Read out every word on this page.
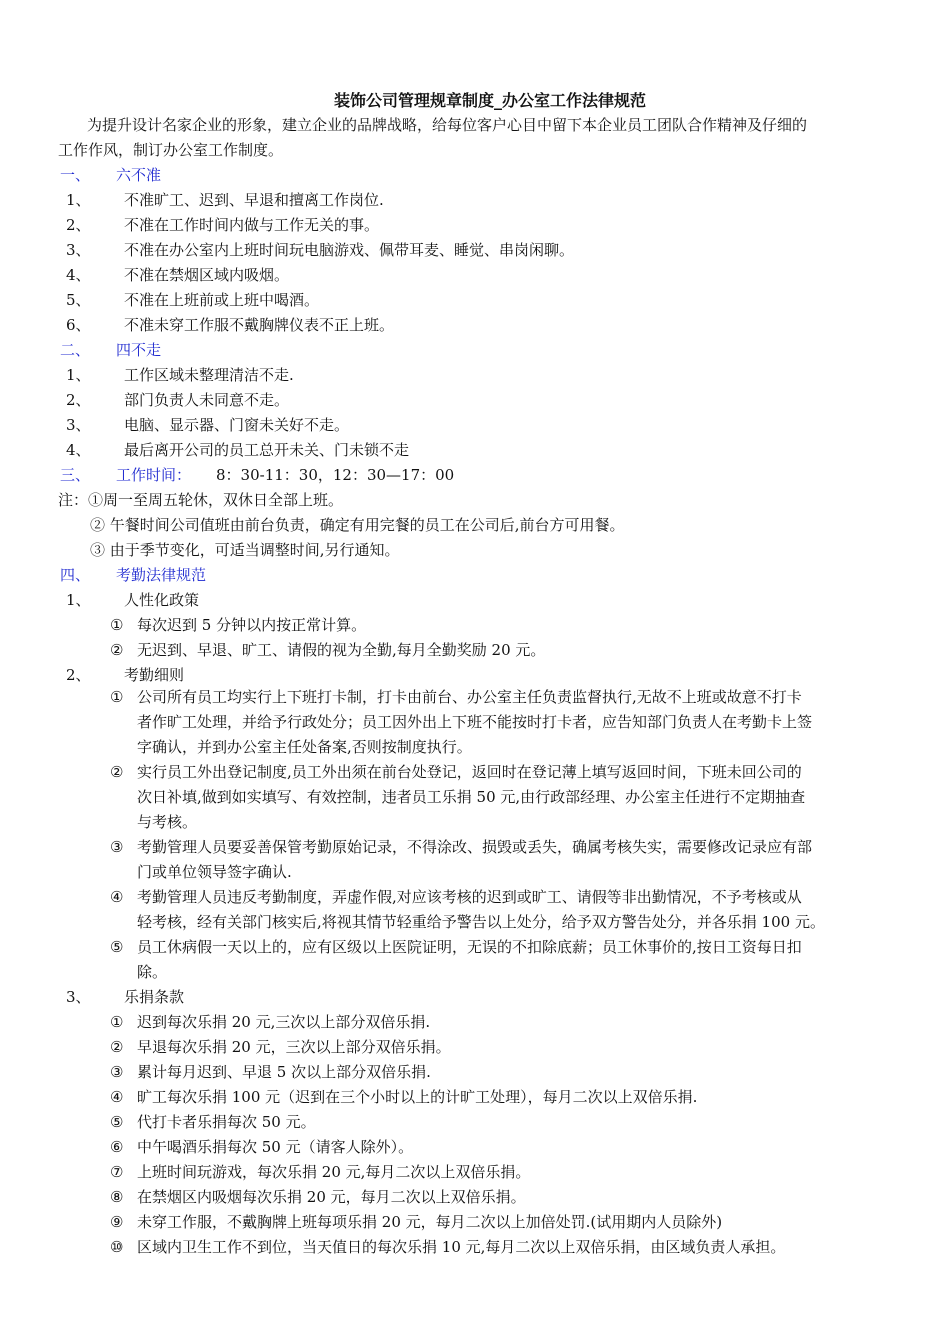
装饰公司管理规章制度_办公室工作法律规范
为提升设计名家企业的形象，建立企业的品牌战略，给每位客户心目中留下本企业员工团队合作精神及仔细的
工作作风，制订办公室工作制度。
一、 六不准
1、 不准旷工、迟到、早退和擅离工作岗位.
2、 不准在工作时间内做与工作无关的事。
3、 不准在办公室内上班时间玩电脑游戏、佩带耳麦、睡觉、串岗闲聊。
4、 不准在禁烟区域内吸烟。
5、 不准在上班前或上班中喝酒。
6、 不准未穿工作服不戴胸牌仪表不正上班。
二、 四不走
1、 工作区域未整理清洁不走.
2、 部门负责人未同意不走。
3、 电脑、显示器、门窗未关好不走。
4、 最后离开公司的员工总开未关、门未锁不走
三、 工作时间： 8：30-11：30，12：30—17：00
注：①周一至周五轮休，双休日全部上班。
② 午餐时间公司值班由前台负责，确定有用完餐的员工在公司后,前台方可用餐。
③ 由于季节变化，可适当调整时间,另行通知。
四、 考勤法律规范
1、 人性化政策
① 每次迟到 5 分钟以内按正常计算。
② 无迟到、早退、旷工、请假的视为全勤,每月全勤奖励 20 元。
2、 考勤细则
① 公司所有员工均实行上下班打卡制，打卡由前台、办公室主任负责监督执行,无故不上班或故意不打卡
者作旷工处理，并给予行政处分；员工因外出上下班不能按时打卡者，应告知部门负责人在考勤卡上签
字确认，并到办公室主任处备案,否则按制度执行。
② 实行员工外出登记制度,员工外出须在前台处登记，返回时在登记薄上填写返回时间，下班未回公司的
次日补填,做到如实填写、有效控制，违者员工乐捐 50 元,由行政部经理、办公室主任进行不定期抽查
与考核。
③ 考勤管理人员要妥善保管考勤原始记录，不得涂改、损毁或丢失，确属考核失实，需要修改记录应有部
门或单位领导签字确认.
④ 考勤管理人员违反考勤制度，弄虚作假,对应该考核的迟到或旷工、请假等非出勤情况，不予考核或从
轻考核，经有关部门核实后,将视其情节轻重给予警告以上处分，给予双方警告处分，并各乐捐 100 元。
⑤ 员工休病假一天以上的，应有区级以上医院证明，无误的不扣除底薪；员工休事价的,按日工资每日扣
除。
3、 乐捐条款
① 迟到每次乐捐 20 元,三次以上部分双倍乐捐.
② 早退每次乐捐 20 元，三次以上部分双倍乐捐。
③ 累计每月迟到、早退 5 次以上部分双倍乐捐.
④ 旷工每次乐捐 100 元（迟到在三个小时以上的计旷工处理），每月二次以上双倍乐捐.
⑤ 代打卡者乐捐每次 50 元。
⑥ 中午喝酒乐捐每次 50 元（请客人除外）。
⑦ 上班时间玩游戏，每次乐捐 20 元,每月二次以上双倍乐捐。
⑧ 在禁烟区内吸烟每次乐捐 20 元，每月二次以上双倍乐捐。
⑨ 未穿工作服，不戴胸牌上班每项乐捐 20 元，每月二次以上加倍处罚.(试用期内人员除外)
⑩ 区域内卫生工作不到位，当天值日的每次乐捐 10 元,每月二次以上双倍乐捐，由区域负责人承担。
